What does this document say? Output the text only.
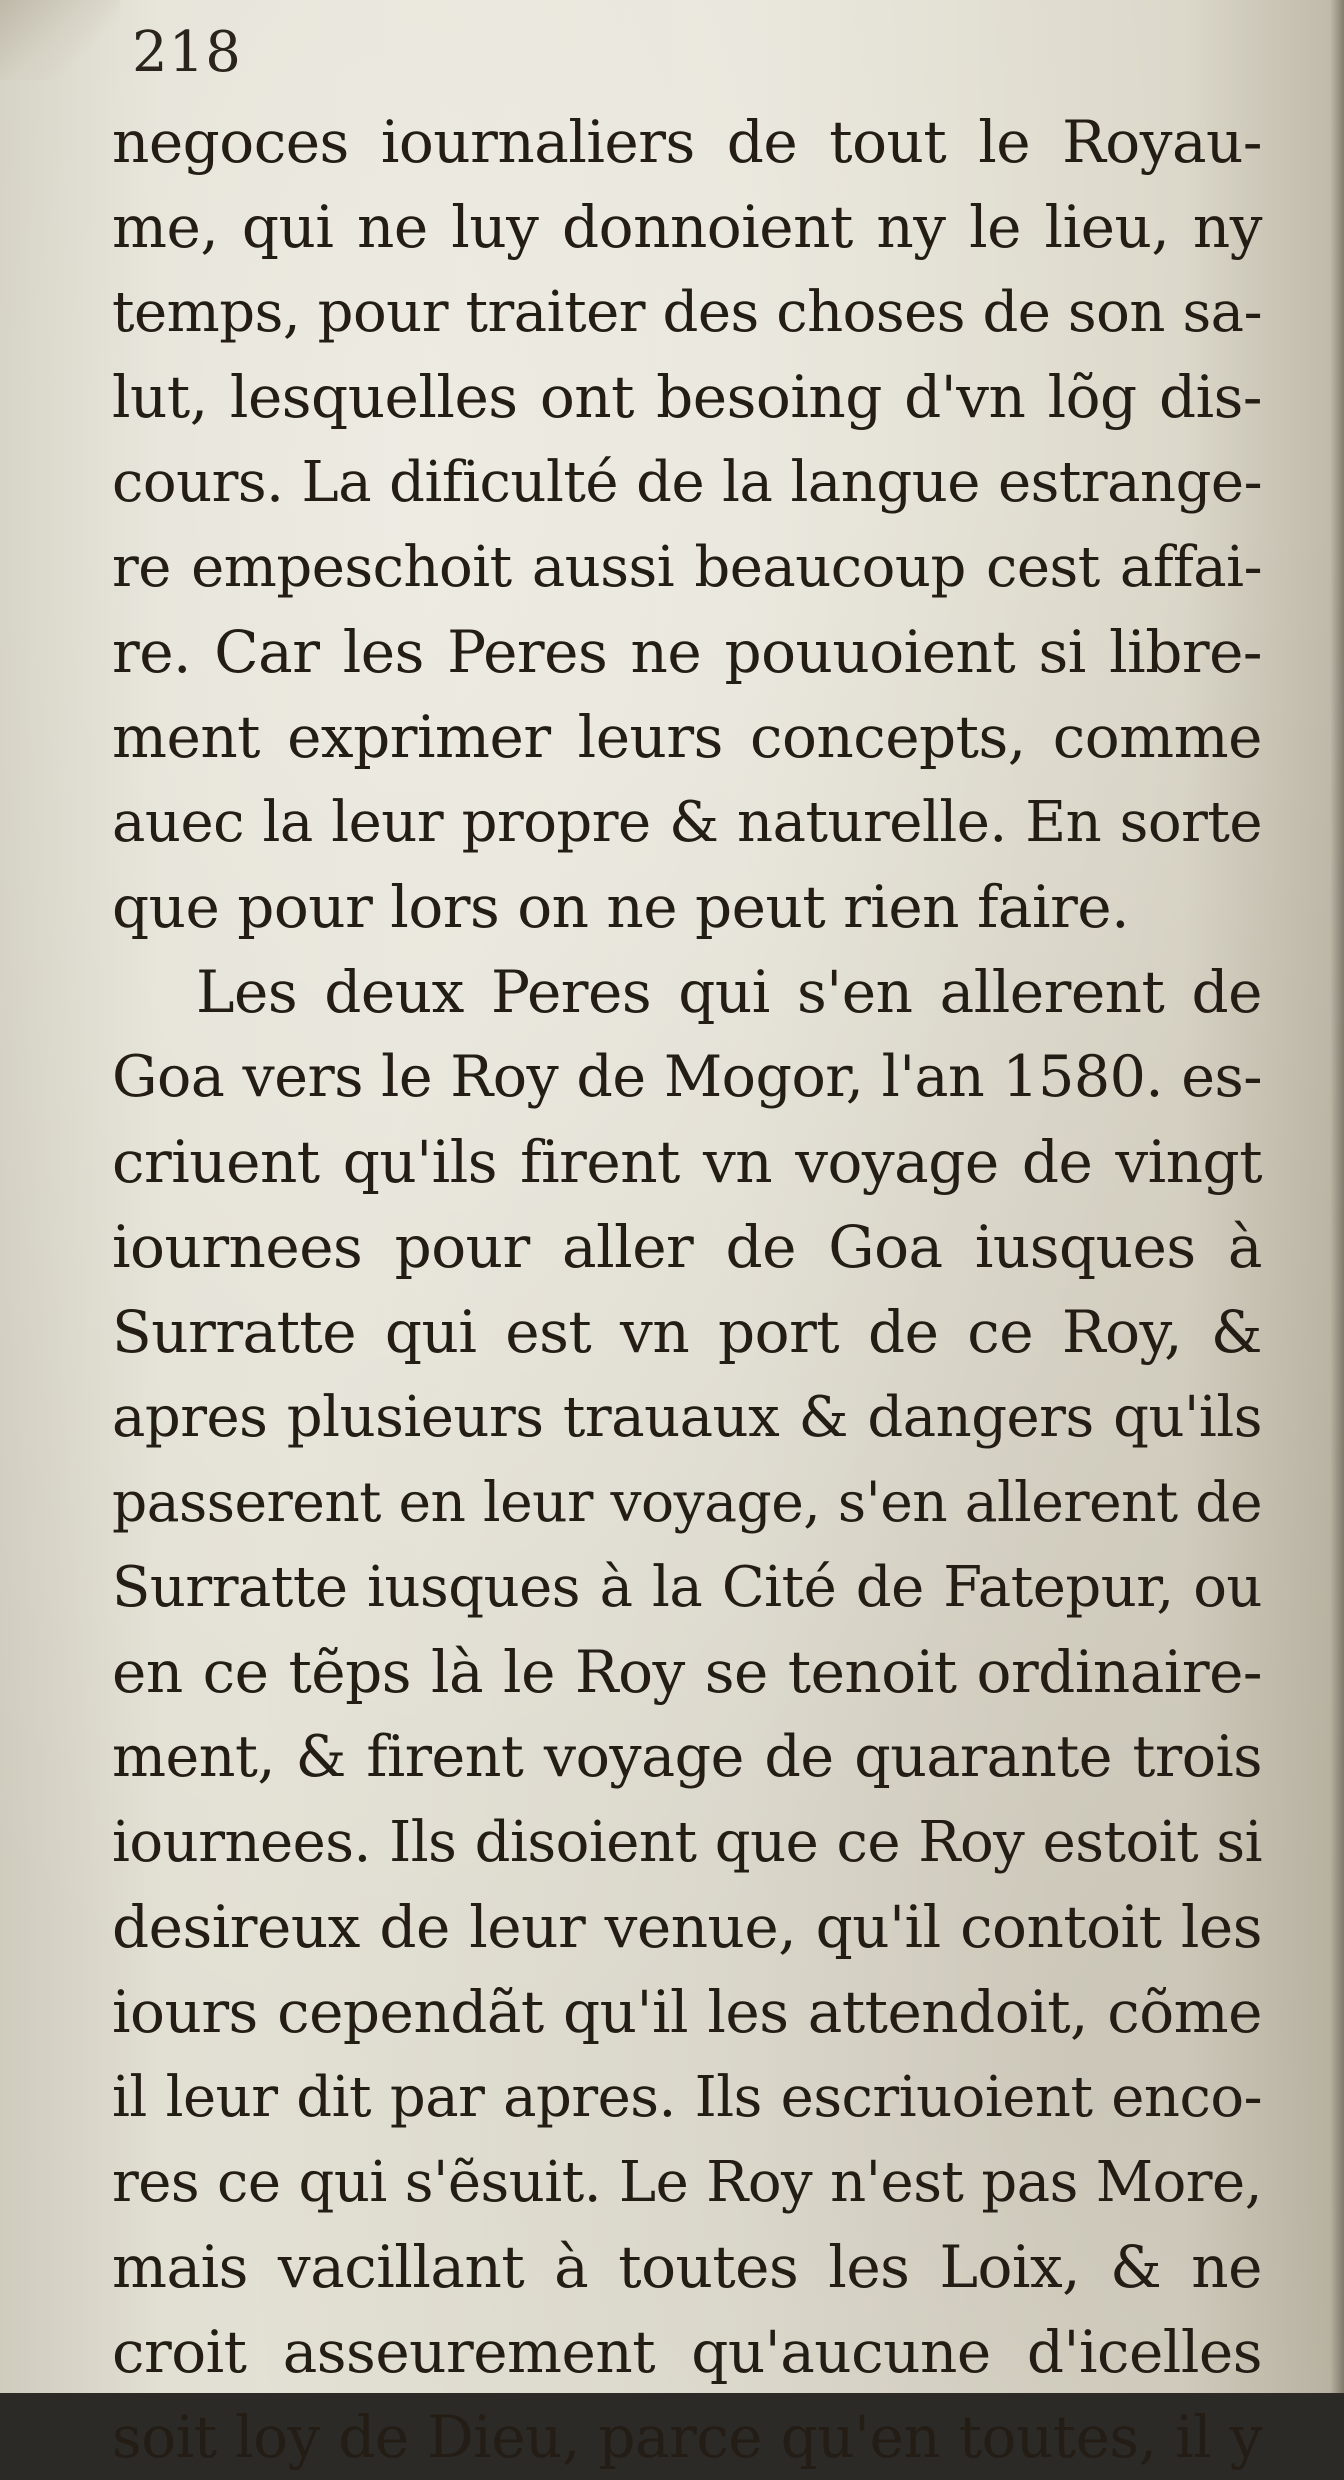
218
negoces iournaliers de tout le Royau-
me, qui ne luy donnoient ny le lieu, ny
temps, pour traiter des choses de son sa-
lut, lesquelles ont besoing d'vn lõg dis-
cours. La dificulté de la langue estrange-
re empeschoit aussi beaucoup cest affai-
re. Car les Peres ne pouuoient si libre-
ment exprimer leurs concepts, comme
auec la leur propre & naturelle. En sorte
que pour lors on ne peut rien faire.
Les deux Peres qui s'en allerent de
Goa vers le Roy de Mogor, l'an 1580. es-
criuent qu'ils firent vn voyage de vingt
iournees pour aller de Goa iusques à
Surratte qui est vn port de ce Roy, &
apres plusieurs trauaux & dangers qu'ils
passerent en leur voyage, s'en allerent de
Surratte iusques à la Cité de Fatepur, ou
en ce tẽps là le Roy se tenoit ordinaire-
ment, & firent voyage de quarante trois
iournees. Ils disoient que ce Roy estoit si
desireux de leur venue, qu'il contoit les
iours cependãt qu'il les attendoit, cõme
il leur dit par apres. Ils escriuoient enco-
res ce qui s'ẽsuit. Le Roy n'est pas More,
mais vacillant à toutes les Loix, & ne
croit asseurement qu'aucune d'icelles
soit loy de Dieu, parce qu'en toutes, il y
